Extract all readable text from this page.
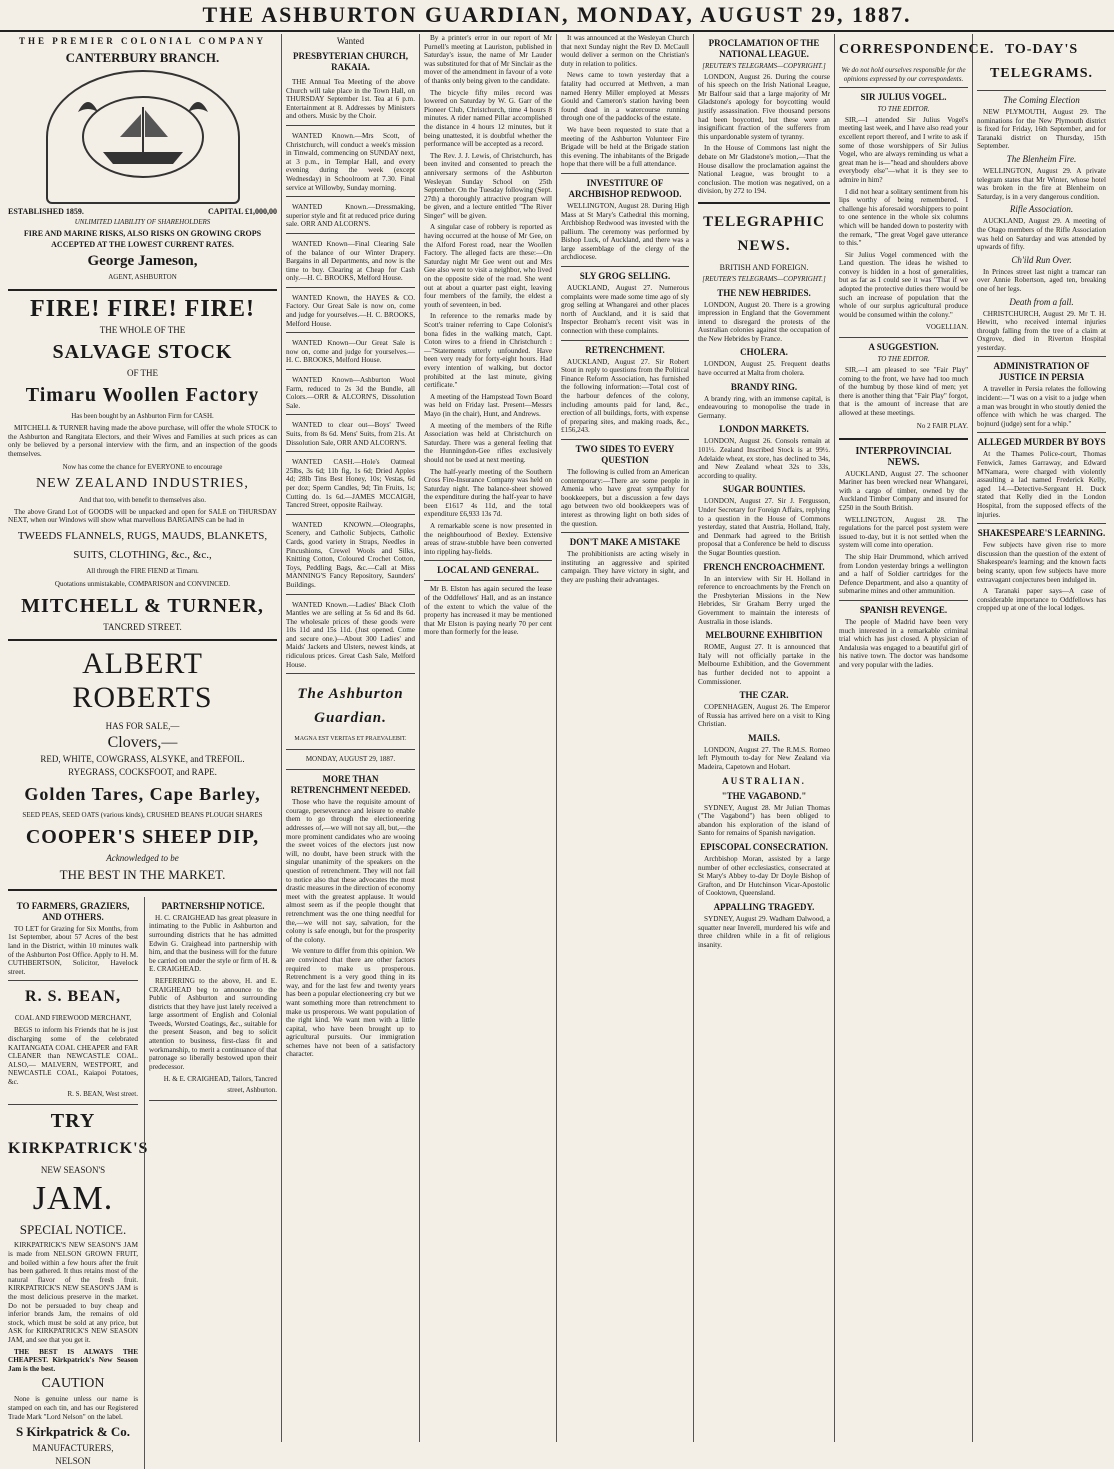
THE ASHBURTON GUARDIAN, MONDAY, AUGUST 29, 1887.
THE PREMIER COLONIAL COMPANY
CANTERBURY BRANCH.
ESTABLISHED 1859.	CAPITAL £1,000,00
UNLIMITED LIABILITY OF SHAREHOLDERS
FIRE AND MARINE RISKS, ALSO RISKS ON GROWING CROPS ACCEPTED AT THE LOWEST CURRENT RATES.
George Jameson,
AGENT, ASHBURTON
FIRE! FIRE! FIRE!
THE WHOLE OF THE
SALVAGE STOCK
OF THE
Timaru Woollen Factory
Has been bought by an Ashburton Firm for CASH.
MITCHELL & TURNER having made the above purchase, will offer the whole STOCK to the Ashburton and Rangitata Electors, and their Wives and Families at such prices as can only be believed by a personal interview with the firm, and an inspection of the goods themselves.
Now has come the chance for EVERYONE to encourage
NEW ZEALAND INDUSTRIES,
And that too, with benefit to themselves also.
The above Grand Lot of GOODS will be unpacked and open for SALE on THURSDAY NEXT, when our Windows will show what marvellous BARGAINS can be had in
TWEEDS FLANNELS, RUGS, MAUDS, BLANKETS,
SUITS, CLOTHING, &c., &c.,
All through the FIRE FIEND at Timaru.
Quotations unmistakable, COMPARISON and CONVINCED.
MITCHELL & TURNER,
TANCRED STREET.
ALBERT ROBERTS
HAS FOR SALE,—
Clovers,—
RED, WHITE, COWGRASS, ALSYKE, and TREFOIL.
RYEGRASS, COCKSFOOT, and RAPE.
Golden Tares, Cape Barley,
SEED PEAS, SEED OATS (various kinds), CRUSHED BEANS PLOUGH SHARES
COOPER'S SHEEP DIP,
Acknowledged to be
THE BEST IN THE MARKET.
TO FARMERS, GRAZIERS, AND OTHERS.
TO LET for Grazing for Six Months, from 1st September, about 57 Acres of the best land in the District, within 10 minutes walk of the Ashburton Post Office. Apply to H. M. CUTHBERTSON, Solicitor, Havelock street.
R. S. BEAN,
COAL AND FIREWOOD MERCHANT,
BEGS to inform his Friends that he is just discharging some of the celebrated KAITANGATA COAL CHEAPER and FAR CLEANER than NEWCASTLE COAL. ALSO,— MALVERN, WESTPORT, and NEWCASTLE COAL, Kaiapoi Potatoes, &c.
R. S. BEAN, West street.
TRY
KIRKPATRICK'S
NEW SEASON'S
JAM.
SPECIAL NOTICE.
KIRKPATRICK'S NEW SEASON'S JAM is made from NELSON GROWN FRUIT, and boiled within a few hours after the fruit has been gathered. It thus retains most of the natural flavor of the fresh fruit. KIRKPATRICK'S NEW SEASON'S JAM is the most delicious preserve in the market. Do not be persuaded to buy cheap and inferior brands Jam, the remains of old stock, which must be sold at any price, but ASK for KIRKPATRICK'S NEW SEASON JAM, and see that you get it.
THE BEST IS ALWAYS THE CHEAPEST. Kirkpatrick's New Season Jam is the best.
CAUTION
None is genuine unless our name is stamped on each tin, and has our Registered Trade Mark "Lord Nelson" on the label.
S Kirkpatrick & Co.
MANUFACTURERS,
NELSON
PARTNERSHIP NOTICE.
H. C. CRAIGHEAD has great pleasure in intimating to the Public in Ashburton and surrounding districts that he has admitted Edwin G. Craighead into partnership with him, and that the business will for the future be carried on under the style or firm of H. & E. CRAIGHEAD.
REFERRING to the above, H. and E. CRAIGHEAD beg to announce to the Public of Ashburton and surrounding districts that they have just lately received a large assortment of English and Colonial Tweeds, Worsted Coatings, &c., suitable for the present Season, and beg to solicit attention to business, first-class fit and workmanship, to merit a continuance of that patronage so liberally bestowed upon their predecessor.
H. & E. CRAIGHEAD, Tailors, Tancred street, Ashburton.
Wanted
PRESBYTERIAN CHURCH, RAKAIA.
THE Annual Tea Meeting of the above Church will take place in the Town Hall, on THURSDAY September 1st. Tea at 6 p.m. Entertainment at 8. Addresses by Ministers and others. Music by the Choir.
WANTED Known.—Mrs Scott, of Christchurch, will conduct a week's mission in Tinwald, commencing on SUNDAY next, at 3 p.m., in Templar Hall, and every evening during the week (except Wednesday) in Schoolroom at 7.30. Final service at Willowby, Sunday morning.
WANTED Known.—Dressmaking, superior style and fit at reduced price during sale. ORR AND ALCORN'S.
WANTED Known—Final Clearing Sale of the balance of our Winter Drapery. Bargains in all Departments, and now is the time to buy. Clearing at Cheap for Cash only.—H. C. BROOKS, Melford House.
WANTED Known, the HAYES & CO. Factory. Our Great Sale is now on, come and judge for yourselves.—H. C. BROOKS, Melford House.
WANTED Known—Our Great Sale is now on, come and judge for yourselves.—H. C. BROOKS, Melford House.
WANTED Known—Ashburton Wool Farm, reduced to 2s 3d the Bundle, all Colors.—ORR & ALCORN'S, Dissolution Sale.
WANTED to clear out—Boys' Tweed Suits, from 8s 6d. Mens' Suits, from 21s. At Dissolution Sale, ORR AND ALCORN'S.
WANTED CASH.—Hole's Oatmeal 25lbs, 3s 6d; 11b fig, 1s 6d; Dried Apples 4d; 28lb Tins Best Honey, 10s; Vestas, 6d per doz; Sperm Candles, 9d; Tin Fruits, 1s; Cutting do. 1s 6d.—JAMES MCCAIGH, Tancred Street, opposite Railway.
WANTED KNOWN.—Oleographs, Scenery, and Catholic Subjects, Catholic Cards, good variety in Straps, Needles in Pincushions, Crewel Wools and Silks, Knitting Cotton, Coloured Crochet Cotton, Toys, Peddling Bags, &c.—Call at Miss MANNING'S Fancy Repository, Saunders' Buildings.
WANTED Known.—Ladies' Black Cloth Mantles we are selling at 5s 6d and 8s 6d. The wholesale prices of these goods were 10s 11d and 15s 11d. (Just opened. Come and secure one.)—About 300 Ladies' and Maids' Jackets and Ulsters, newest kinds, at ridiculous prices. Great Cash Sale, Melford House.
The Ashburton Guardian.
MAGNA EST VERITAS ET PRAEVALEBIT.
MONDAY, AUGUST 29, 1887.
MORE THAN RETRENCHMENT NEEDED.
Those who have the requisite amount of courage, perseverance and leisure to enable them to go through the electioneering addresses of,—we will not say all, but,—the more prominent candidates who are wooing the sweet voices of the electors just now will, no doubt, have been struck with the singular unanimity of the speakers on the question of retrenchment. They will not fail to notice also that these advocates the most drastic measures in the direction of economy meet with the greatest applause. It would almost seem as if the people thought that retrenchment was the one thing needful for the,—we will not say, salvation, for the colony is safe enough, but for the prosperity of the colony.
We venture to differ from this opinion. We are convinced that there are other factors required to make us prosperous. Retrenchment is a very good thing in its way, and for the last few and twenty years has been a popular electioneering cry but we want something more than retrenchment to make us prosperous. We want population of the right kind. We want men with a little capital, who have been brought up to agricultural pursuits. Our immigration schemes have not been of a satisfactory character.
By a printer's error in our report of Mr Purnell's meeting at Lauriston, published in Saturday's issue, the name of Mr Lauder was substituted for that of Mr Sinclair as the mover of the amendment in favour of a vote of thanks only being given to the candidate.
The bicycle fifty miles record was lowered on Saturday by W. G. Garr of the Pioneer Club, Christchurch, time 4 hours 8 minutes. A rider named Pillar accomplished the distance in 4 hours 12 minutes, but it being unattested, it is doubtful whether the performance will be accepted as a record.
The Rev. J. J. Lewis, of Christchurch, has been invited and consented to preach the anniversary sermons of the Ashburton Wesleyan Sunday School on 25th September. On the Tuesday following (Sept. 27th) a thoroughly attractive program will be given, and a lecture entitled "The River Singer" will be given.
A singular case of robbery is reported as having occurred at the house of Mr Gee, on the Alford Forest road, near the Woollen Factory. The alleged facts are these:—On Saturday night Mr Gee went out and Mrs Gee also went to visit a neighbor, who lived on the opposite side of the road. She went out at about a quarter past eight, leaving four members of the family, the eldest a youth of seventeen, in bed.
In reference to the remarks made by Scott's trainer referring to Cape Colonist's bona fides in the walking match, Capt. Coton wires to a friend in Christchurch :—"Statements utterly unfounded. Have been very ready for forty-eight hours. Had every intention of walking, but doctor prohibited at the last minute, giving certificate."
A meeting of the Hampstead Town Board was held on Friday last. Present—Messrs Mayo (in the chair), Hunt, and Andrews.
A meeting of the members of the Rifle Association was held at Christchurch on Saturday. There was a general feeling that the Hunningdon-Gee rifles exclusively should not be used at next meeting.
The half-yearly meeting of the Southern Cross Fire-Insurance Company was held on Saturday night. The balance-sheet showed the expenditure during the half-year to have been £1617 4s 11d, and the total expenditure £6,933 13s 7d.
A remarkable scene is now presented in the neighbourhood of Bexley. Extensive areas of straw-stubble have been converted into rippling hay-fields.
LOCAL AND GENERAL.
Mr B. Elston has again secured the lease of the Oddfellows' Hall, and as an instance of the extent to which the value of the property has increased it may be mentioned that Mr Elston is paying nearly 70 per cent more than formerly for the lease.
It was announced at the Wesleyan Church that next Sunday night the Rev D. McCaull would deliver a sermon on the Christian's duty in relation to politics.
News came to town yesterday that a fatality had occurred at Methven, a man named Henry Miller employed at Messrs Gould and Cameron's station having been found dead in a watercourse running through one of the paddocks of the estate.
We have been requested to state that a meeting of the Ashburton Volunteer Fire Brigade will be held at the Brigade station this evening. The inhabitants of the Brigade hope that there will be a full attendance.
INVESTITURE OF ARCHBISHOP REDWOOD.
WELLINGTON, August 28. During High Mass at St Mary's Cathedral this morning, Archbishop Redwood was invested with the pallium. The ceremony was performed by Bishop Luck, of Auckland, and there was a large assemblage of the clergy of the archdiocese.
SLY GROG SELLING.
AUCKLAND, August 27. Numerous complaints were made some time ago of sly grog selling at Whangarei and other places north of Auckland, and it is said that Inspector Broham's recent visit was in connection with these complaints.
RETRENCHMENT.
AUCKLAND, August 27. Sir Robert Stout in reply to questions from the Political Finance Reform Association, has furnished the following information:—Total cost of the harbour defences of the colony, including amounts paid for land, &c., erection of all buildings, forts, with expense of preparing sites, and making roads, &c., £156,243.
TWO SIDES TO EVERY QUESTION
The following is culled from an American contemporary:—There are some people in Amenia who have great sympathy for bookkeepers, but a discussion a few days ago between two old bookkeepers was of interest as throwing light on both sides of the question.
DON'T MAKE A MISTAKE
The prohibitionists are acting wisely in instituting an aggressive and spirited campaign. They have victory in sight, and they are pushing their advantages.
PROCLAMATION OF THE NATIONAL LEAGUE.
[REUTER'S TELEGRAMS—COPYRIGHT.]
LONDON, August 26. During the course of his speech on the Irish National League, Mr Balfour said that a large majority of Mr Gladstone's apology for boycotting would justify assassination. Five thousand persons had been boycotted, but these were an insignificant fraction of the sufferers from this unpardonable system of tyranny.
In the House of Commons last night the debate on Mr Gladstone's motion,—That the House disallow the proclamation against the National League, was brought to a conclusion. The motion was negatived, on a division, by 272 to 194.
TELEGRAPHIC NEWS.
BRITISH AND FOREIGN.
[REUTER'S TELEGRAMS—COPYRIGHT.]
THE NEW HEBRIDES.
LONDON, August 20. There is a growing impression in England that the Government intend to disregard the protests of the Australian colonies against the occupation of the New Hebrides by France.
CHOLERA.
LONDON, August 25. Frequent deaths have occurred at Malta from cholera.
BRANDY RING.
A brandy ring, with an immense capital, is endeavouring to monopolise the trade in Germany.
LONDON MARKETS.
LONDON, August 26. Consols remain at 101½. Zealand Inscribed Stock is at 99½. Adelaide wheat, ex store, has declined to 34s, and New Zealand wheat 32s to 33s, according to quality.
SUGAR BOUNTIES.
LONDON, August 27. Sir J. Fergusson, Under Secretary for Foreign Affairs, replying to a question in the House of Commons yesterday, stated that Austria, Holland, Italy, and Denmark had agreed to the British proposal that a Conference be held to discuss the Sugar Bounties question.
FRENCH ENCROACHMENT.
In an interview with Sir H. Holland in reference to encroachments by the French on the Presbyterian Missions in the New Hebrides, Sir Graham Berry urged the Government to maintain the interests of Australia in those islands.
MELBOURNE EXHIBITION
ROME, August 27. It is announced that Italy will not officially partake in the Melbourne Exhibition, and the Government has further decided not to appoint a Commissioner.
THE CZAR.
COPENHAGEN, August 26. The Emperor of Russia has arrived here on a visit to King Christian.
MAILS.
LONDON, August 27. The R.M.S. Romeo left Plymouth to-day for New Zealand via Madeira, Capetown and Hobart.
AUSTRALIAN.
"THE VAGABOND."
SYDNEY, August 28. Mr Julian Thomas ("The Vagabond") has been obliged to abandon his exploration of the island of Santo for remains of Spanish navigation.
EPISCOPAL CONSECRATION.
Archbishop Moran, assisted by a large number of other ecclesiastics, consecrated at St Mary's Abbey to-day Dr Doyle Bishop of Grafton, and Dr Hutchinson Vicar-Apostolic of Cooktown, Queensland.
APPALLING TRAGEDY.
SYDNEY, August 29. Wadham Dalwood, a squatter near Inverell, murdered his wife and three children while in a fit of religious insanity.
CORRESPONDENCE.
We do not hold ourselves responsible for the opinions expressed by our correspondents.
SIR JULIUS VOGEL.
TO THE EDITOR.
SIR,—I attended Sir Julius Vogel's meeting last week, and I have also read your excellent report thereof, and I write to ask if some of those worshippers of Sir Julius Vogel, who are always reminding us what a great man he is—"head and shoulders above everybody else"—what it is they see to admire in him?
I did not hear a solitary sentiment from his lips worthy of being remembered. I challenge his aforesaid worshippers to point to one sentence in the whole six columns which will be handed down to posterity with the remark, "The great Vogel gave utterance to this."
Sir Julius Vogel commenced with the Land question. The ideas he wished to convey is hidden in a host of generalities, but as far as I could see it was "That if we adopted the protective duties there would be such an increase of population that the whole of our surplus agricultural produce would be consumed within the colony."
VOGELLIAN.
A SUGGESTION.
TO THE EDITOR.
SIR,—I am pleased to see "Fair Play" coming to the front, we have had too much of the humbug by those kind of men; yet there is another thing that "Fair Play" forgot, that is the amount of increase that are allowed at these meetings.
No 2 FAIR PLAY.
INTERPROVINCIAL NEWS.
AUCKLAND, August 27. The schooner Mariner has been wrecked near Whangarei, with a cargo of timber, owned by the Auckland Timber Company and insured for £250 in the South British.
WELLINGTON, August 28. The regulations for the parcel post system were issued to-day, but it is not settled when the system will come into operation.
The ship Hair Drummond, which arrived from London yesterday brings a wellington and a half of Soldier cartridges for the Defence Department, and also a quantity of submarine mines and other ammunition.
SPANISH REVENGE.
The people of Madrid have been very much interested in a remarkable criminal trial which has just closed. A physician of Andalusia was engaged to a beautiful girl of his native town. The doctor was handsome and very popular with the ladies.
TO-DAY'S TELEGRAMS.
The Coming Election
NEW PLYMOUTH, August 29. The nominations for the New Plymouth district is fixed for Friday, 16th September, and for Taranaki district on Thursday, 15th September.
The Blenheim Fire.
WELLINGTON, August 29. A private telegram states that Mr Winter, whose hotel was broken in the fire at Blenheim on Saturday, is in a very dangerous condition.
Rifle Association.
AUCKLAND, August 29. A meeting of the Otago members of the Rifle Association was held on Saturday and was attended by upwards of fifty.
Ch'ild Run Over.
In Princes street last night a tramcar ran over Annie Robertson, aged ten, breaking one of her legs.
Death from a fall.
CHRISTCHURCH, August 29. Mr T. H. Hewitt, who received internal injuries through falling from the tree of a claim at Oxgrove, died in Riverton Hospital yesterday.
ADMINISTRATION OF JUSTICE IN PERSIA
A traveller in Persia relates the following incident:—"I was on a visit to a judge when a man was brought in who stoutly denied the offence with which he was charged. The bojnurd (judge) sent for a whip."
ALLEGED MURDER BY BOYS
At the Thames Police-court, Thomas Fenwick, James Garraway, and Edward M'Namara, were charged with violently assaulting a lad named Frederick Kelly, aged 14.—Detective-Sergeant H. Duck stated that Kelly died in the London Hospital, from the supposed effects of the injuries.
SHAKESPEARE'S LEARNING.
Few subjects have given rise to more discussion than the question of the extent of Shakespeare's learning; and the known facts being scanty, upon few subjects have more extravagant conjectures been indulged in.
A Taranaki paper says—A case of considerable importance to Oddfellows has cropped up at one of the local lodges.
